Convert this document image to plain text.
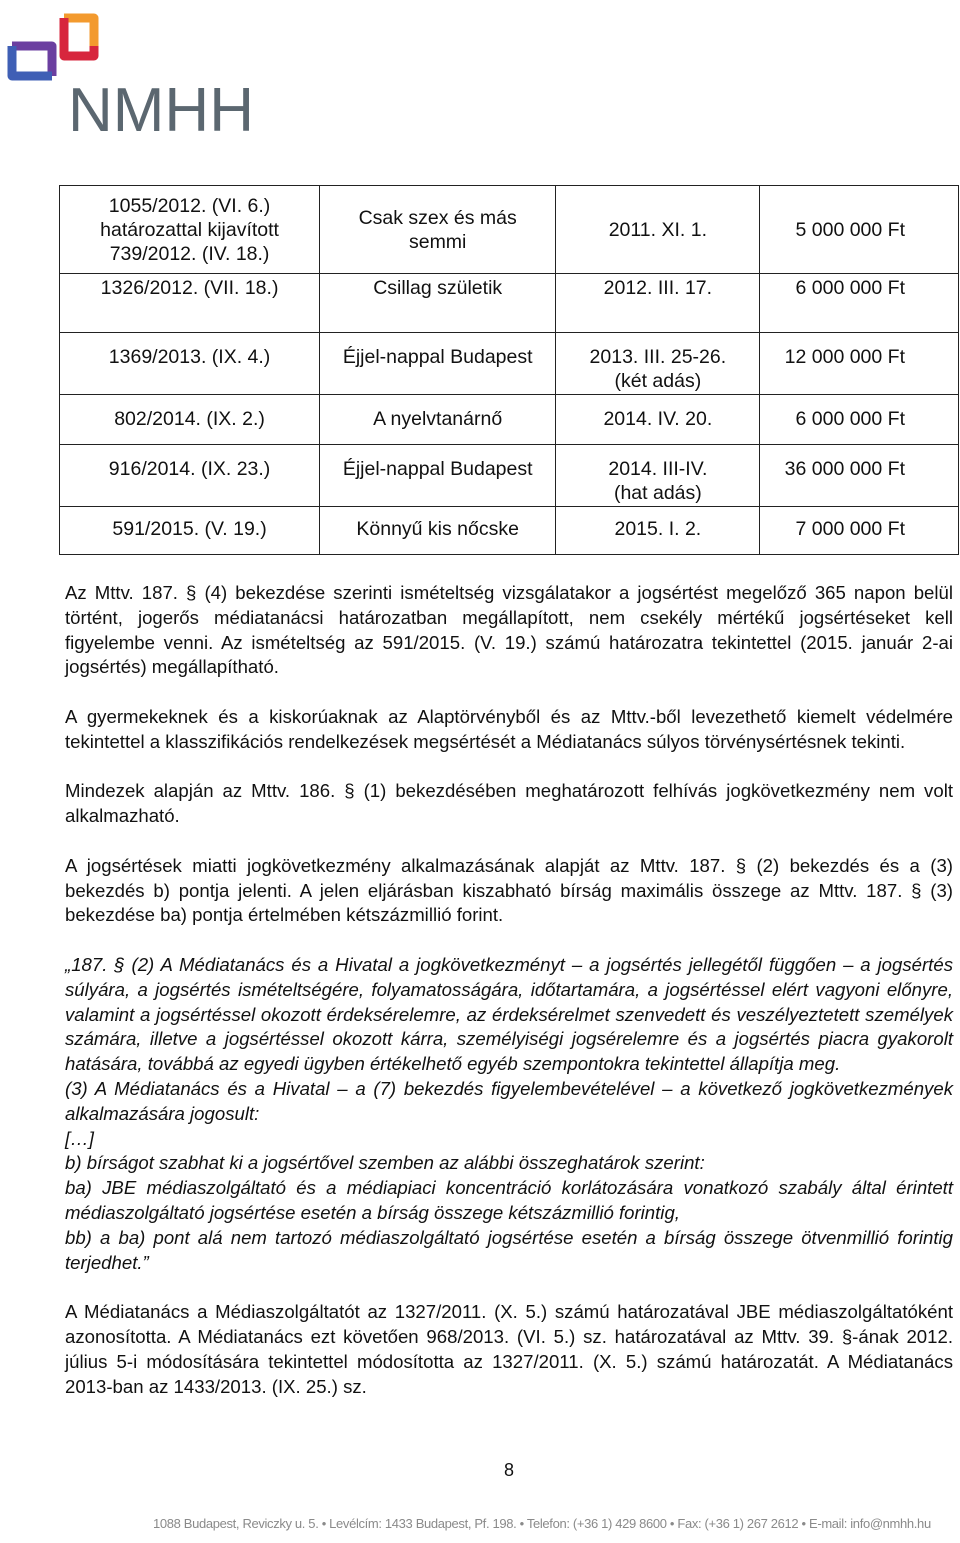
NMHH
1055/2012. (VI. 6.) határozattal kijavított 739/2012. (IV. 18.)	Csak szex és más semmi	2011. XI. 1.	5 000 000 Ft
1326/2012. (VII. 18.)	Csillag születik	2012. III. 17.	6 000 000 Ft
1369/2013. (IX. 4.)	Éjjel-nappal Budapest	2013. III. 25-26. (két adás)	12 000 000 Ft
802/2014. (IX. 2.)	A nyelvtanárnő	2014. IV. 20.	6 000 000 Ft
916/2014. (IX. 23.)	Éjjel-nappal Budapest	2014. III-IV. (hat adás)	36 000 000 Ft
591/2015. (V. 19.)	Könnyű kis nőcske	2015. I. 2.	7 000 000 Ft

Az Mttv. 187. § (4) bekezdése szerinti ismételtség vizsgálatakor a jogsértést megelőző 365 napon belül történt, jogerős médiatanácsi határozatban megállapított, nem csekély mértékű jogsértéseket kell figyelembe venni. Az ismételtség az 591/2015. (V. 19.) számú határozatra tekintettel (2015. január 2-ai jogsértés) megállapítható.

A gyermekeknek és a kiskorúaknak az Alaptörvényből és az Mttv.-ből levezethető kiemelt védelmére tekintettel a klasszifikációs rendelkezések megsértését a Médiatanács súlyos törvénysértésnek tekinti.

Mindezek alapján az Mttv. 186. § (1) bekezdésében meghatározott felhívás jogkövetkezmény nem volt alkalmazható.

A jogsértések miatti jogkövetkezmény alkalmazásának alapját az Mttv. 187. § (2) bekezdés és a (3) bekezdés b) pontja jelenti. A jelen eljárásban kiszabható bírság maximális összege az Mttv. 187. § (3) bekezdése ba) pontja értelmében kétszázmillió forint.

„187. § (2) A Médiatanács és a Hivatal a jogkövetkezményt – a jogsértés jellegétől függően – a jogsértés súlyára, a jogsértés ismételtségére, folyamatosságára, időtartamára, a jogsértéssel elért vagyoni előnyre, valamint a jogsértéssel okozott érdeksérelemre, az érdeksérelmet szenvedett és veszélyeztetett személyek számára, illetve a jogsértéssel okozott kárra, személyiségi jogsérelemre és a jogsértés piacra gyakorolt hatására, továbbá az egyedi ügyben értékelhető egyéb szempontokra tekintettel állapítja meg.

(3) A Médiatanács és a Hivatal – a (7) bekezdés figyelembevételével – a következő jogkövetkezmények alkalmazására jogosult:

[…]

b) bírságot szabhat ki a jogsértővel szemben az alábbi összeghatárok szerint:

ba) JBE médiaszolgáltató és a médiapiaci koncentráció korlátozására vonatkozó szabály által érintett médiaszolgáltató jogsértése esetén a bírság összege kétszázmillió forintig,

bb) a ba) pont alá nem tartozó médiaszolgáltató jogsértése esetén a bírság összege ötvenmillió forintig terjedhet.”

A Médiatanács a Médiaszolgáltatót az 1327/2011. (X. 5.) számú határozatával JBE médiaszolgáltatóként azonosította. A Médiatanács ezt követően 968/2013. (VI. 5.) sz. határozatával az Mttv. 39. §-ának 2012. július 5-i módosítására tekintettel módosította az 1327/2011. (X. 5.) számú határozatát. A Médiatanács 2013-ban az 1433/2013. (IX. 25.) sz.

8
1088 Budapest, Reviczky u. 5. • Levélcím: 1433 Budapest, Pf. 198. • Telefon: (+36 1) 429 8600 • Fax: (+36 1) 267 2612 • E-mail: info@nmhh.hu
